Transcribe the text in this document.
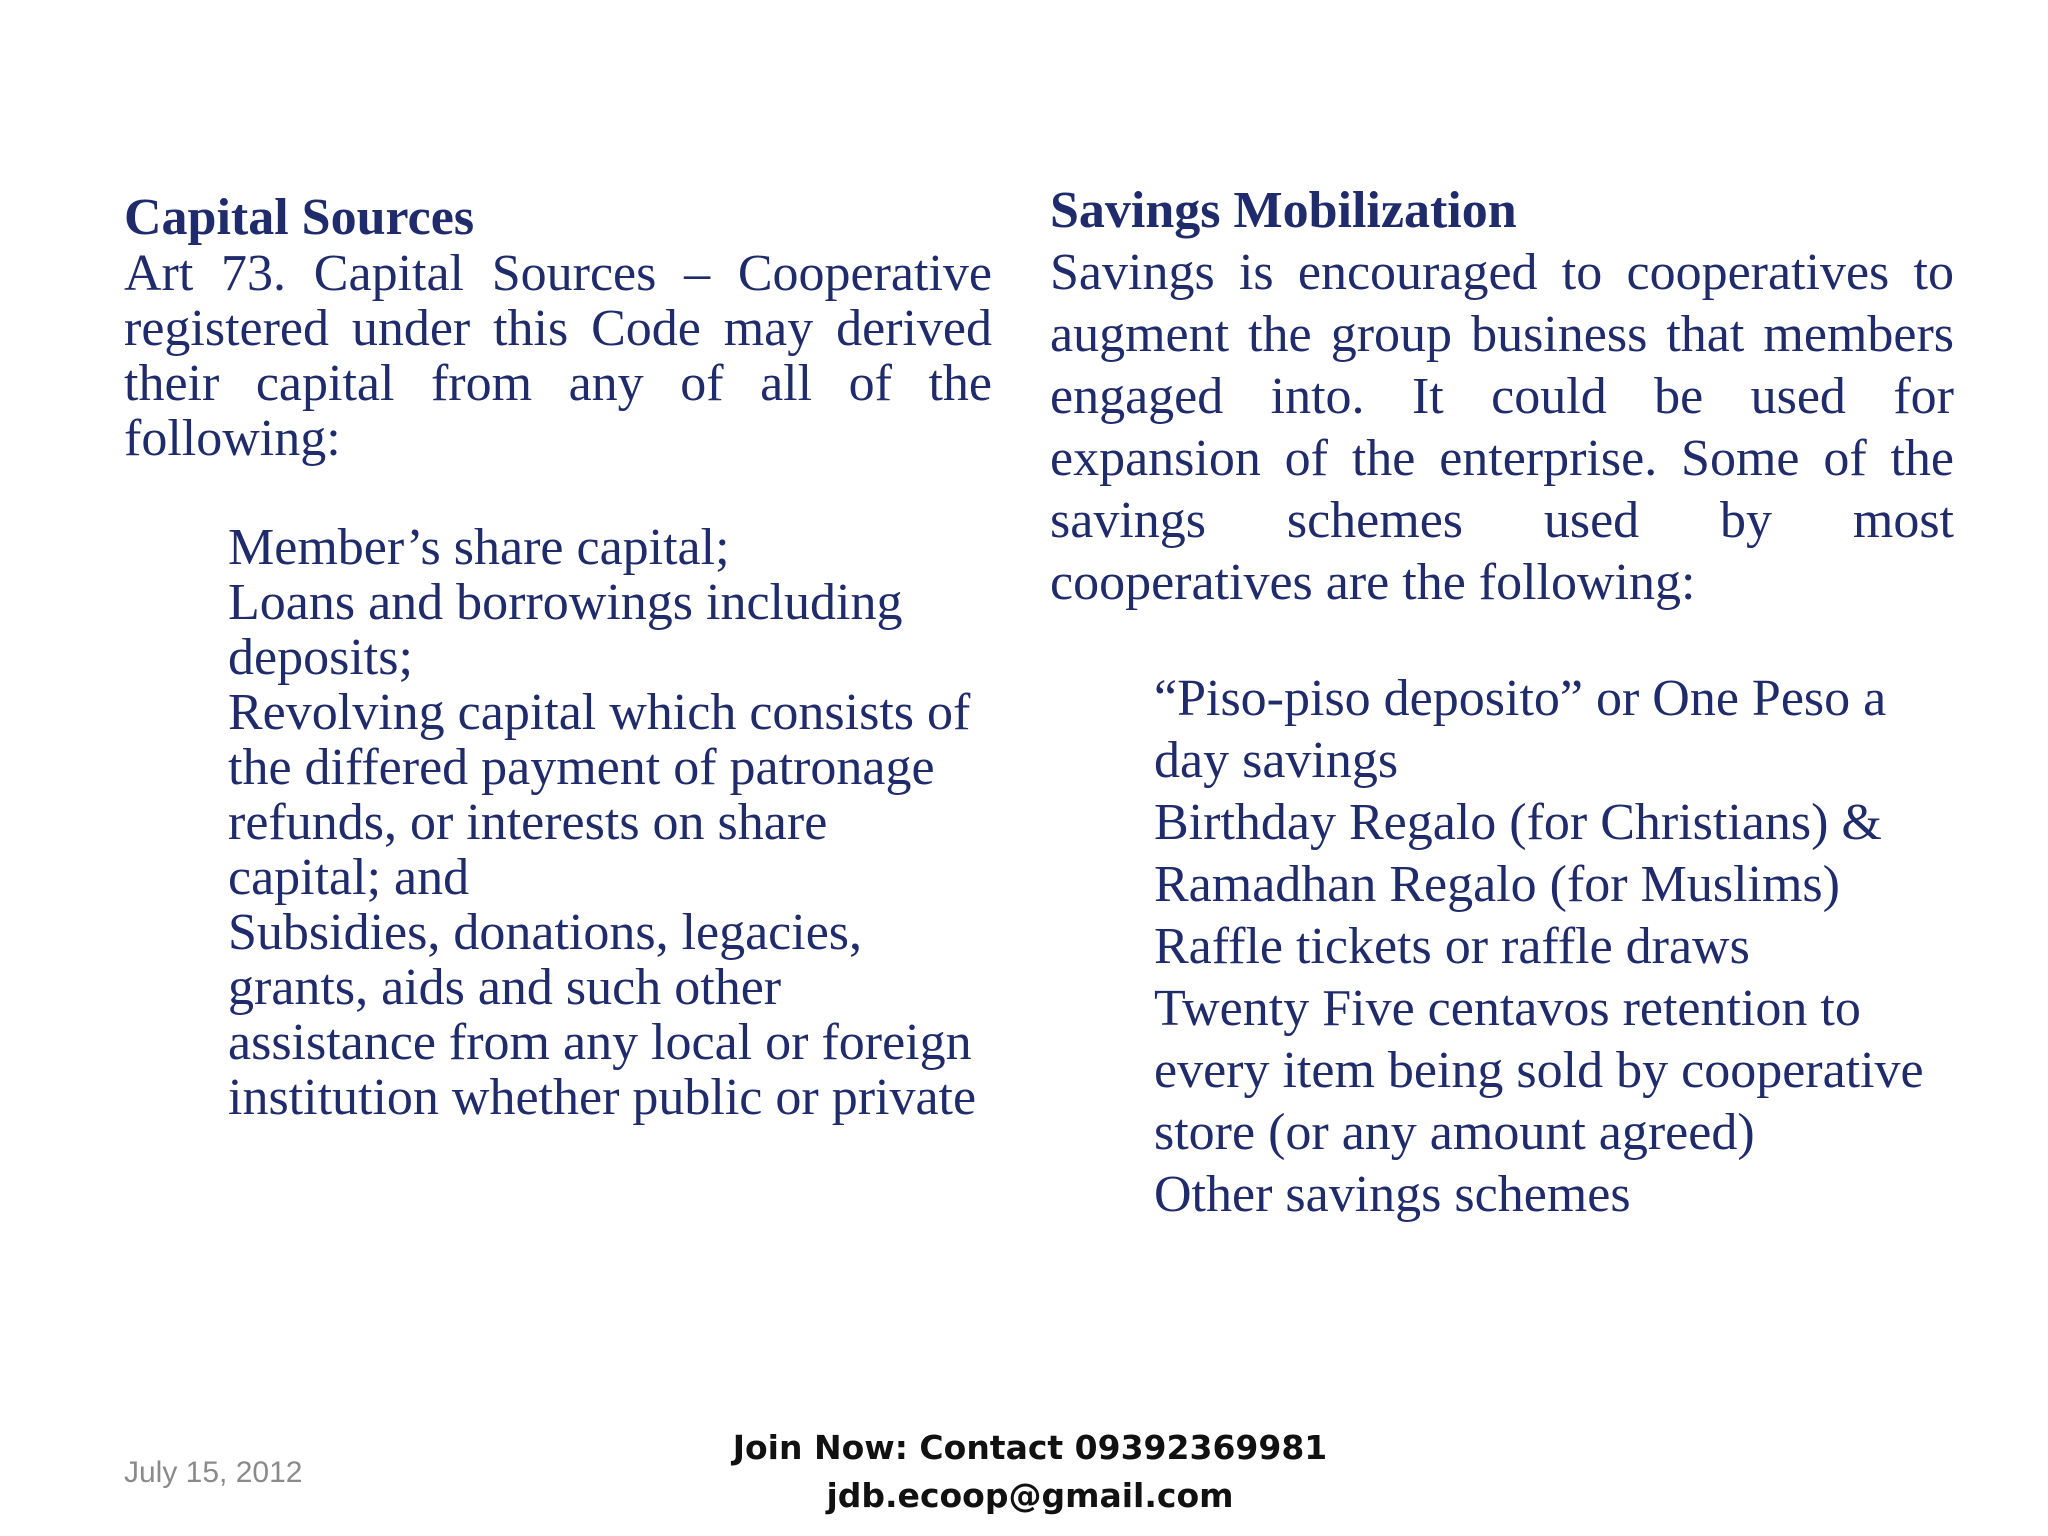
Capital Sources

Art 73. Capital Sources – Cooperative registered under this Code may derived their capital from any of all of the following:

Member’s share capital;
Loans and borrowings including deposits;
Revolving capital which consists of the differed payment of patronage refunds, or interests on share capital; and
Subsidies, donations, legacies, grants, aids and such other assistance from any local or foreign institution whether public or private
Savings Mobilization

Savings is encouraged to cooperatives to augment the group business that members engaged into. It could be used for expansion of the enterprise. Some of the savings schemes used by most cooperatives are the following:

“Piso-piso deposito” or One Peso a day savings
Birthday Regalo (for Christians) & Ramadhan Regalo (for Muslims)
Raffle tickets or raffle draws
Twenty Five centavos retention to every item being sold by cooperative store (or any amount agreed)
Other savings schemes
July 15, 2012
Join Now: Contact 09392369981
jdb.ecoop@gmail.com
